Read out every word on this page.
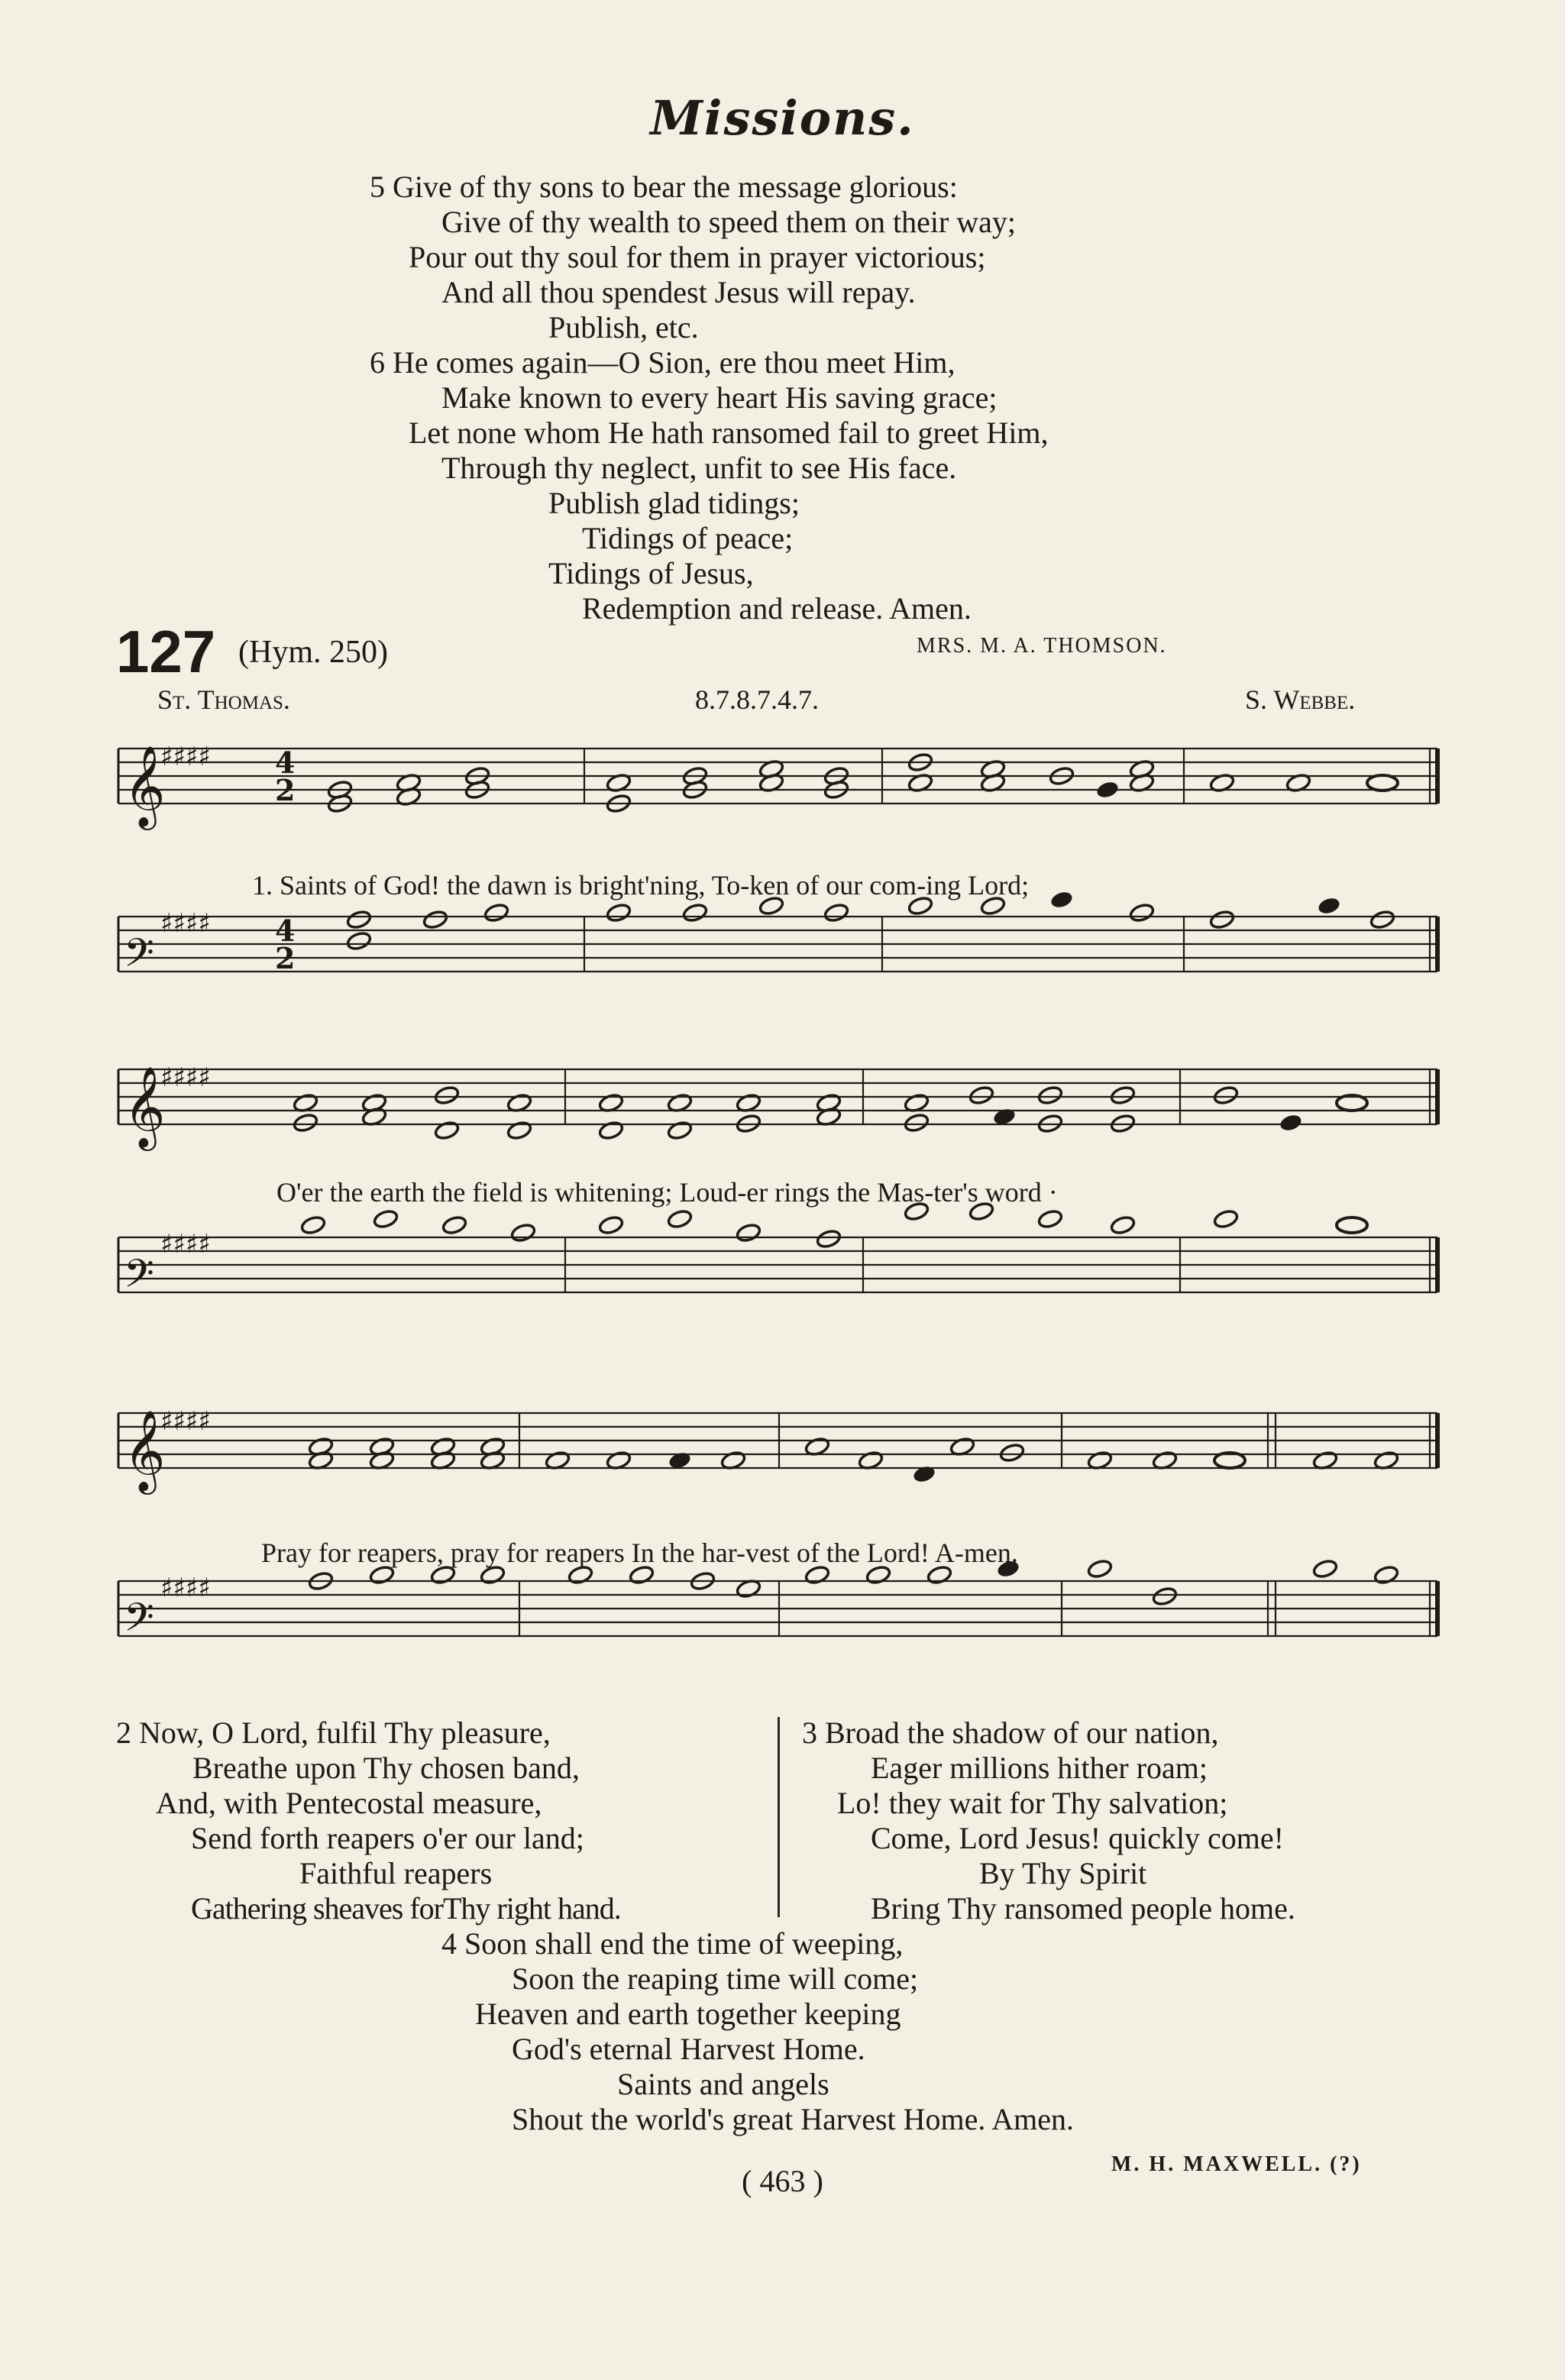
Missions.
5 Give of thy sons to bear the message glorious:
Give of thy wealth to speed them on their way;
Pour out thy soul for them in prayer victorious;
And all thou spendest Jesus will repay.
Publish, etc.
6 He comes again—O Sion, ere thou meet Him,
Make known to every heart His saving grace;
Let none whom He hath ransomed fail to greet Him,
Through thy neglect, unfit to see His face.
Publish glad tidings;
Tidings of peace;
Tidings of Jesus,
Redemption and release. Amen.
127 (Hym. 250)	MRS. M. A. THOMSON.
St. Thomas.	8.7.8.7.4.7.	S. Webbe.
𝄞
♯♯♯♯
𝄢
♯♯♯♯
4
2
4
2
𝄞
♯♯♯♯
𝄢
♯♯♯♯
𝄞
♯♯♯♯
𝄢
♯♯♯♯
1. Saints of God! the dawn is bright'ning, To-ken of our com-ing Lord;
O'er the earth the field is whitening; Loud-er rings the Mas-ter's word ·
Pray for reapers, pray for reapers In the har-vest of the Lord! A-men.
2 Now, O Lord, fulfil Thy pleasure,
Breathe upon Thy chosen band,
And, with Pentecostal measure,
Send forth reapers o'er our land;
Faithful reapers
Gathering sheaves forThy right hand.
3 Broad the shadow of our nation,
Eager millions hither roam;
Lo! they wait for Thy salvation;
Come, Lord Jesus! quickly come!
By Thy Spirit
Bring Thy ransomed people home.
4 Soon shall end the time of weeping,
Soon the reaping time will come;
Heaven and earth together keeping
God's eternal Harvest Home.
Saints and angels
Shout the world's great Harvest Home. Amen.
M. H. MAXWELL. (?)
( 463 )
